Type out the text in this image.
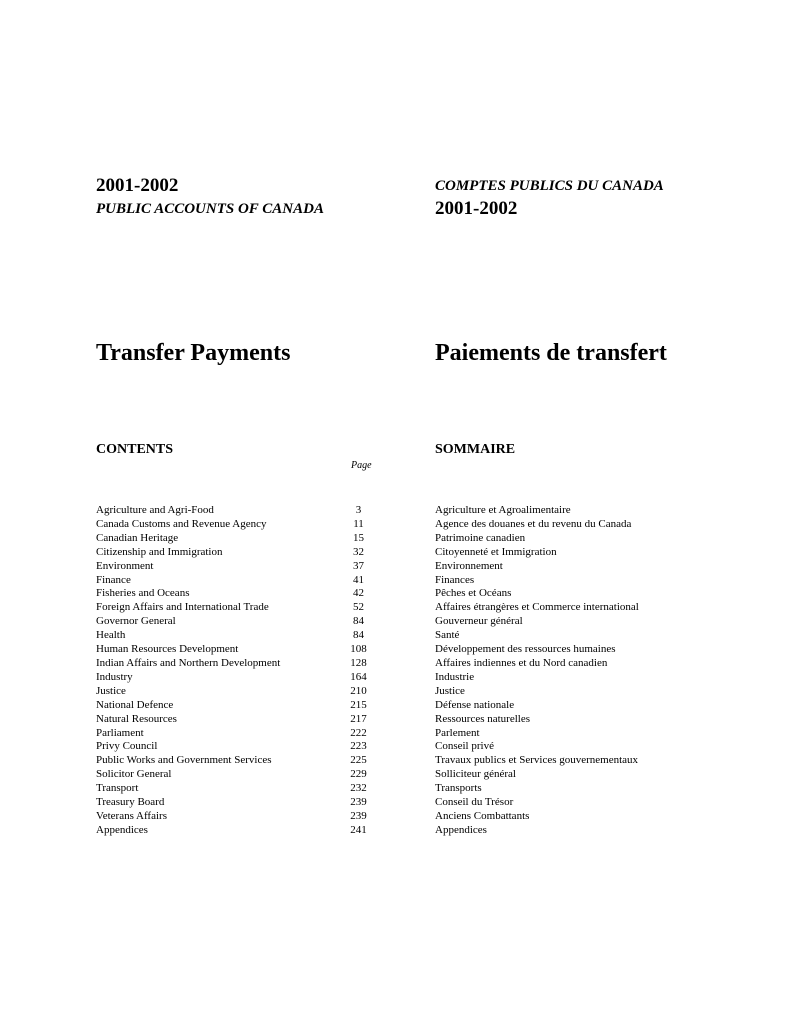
2001-2002
PUBLIC ACCOUNTS OF CANADA
COMPTES PUBLICS DU CANADA
2001-2002
Transfer Payments	Paiements de transfert
CONTENTS	SOMMAIRE
Page
Agriculture and Agri-Food
Canada Customs and Revenue Agency
Canadian Heritage
Citizenship and Immigration
Environment
Finance
Fisheries and Oceans
Foreign Affairs and International Trade
Governor General
Health
Human Resources Development
Indian Affairs and Northern Development
Industry
Justice
National Defence
Natural Resources
Parliament
Privy Council
Public Works and Government Services
Solicitor General
Transport
Treasury Board
Veterans Affairs
Appendices
3
11
15
32
37
41
42
52
84
84
108
128
164
210
215
217
222
223
225
229
232
239
239
241
Agriculture et Agroalimentaire
Agence des douanes et du revenu du Canada
Patrimoine canadien
Citoyenneté et Immigration
Environnement
Finances
Pêches et Océans
Affaires étrangères et Commerce international
Gouverneur général
Santé
Développement des ressources humaines
Affaires indiennes et du Nord canadien
Industrie
Justice
Défense nationale
Ressources naturelles
Parlement
Conseil privé
Travaux publics et Services gouvernementaux
Solliciteur général
Transports
Conseil du Trésor
Anciens Combattants
Appendices
